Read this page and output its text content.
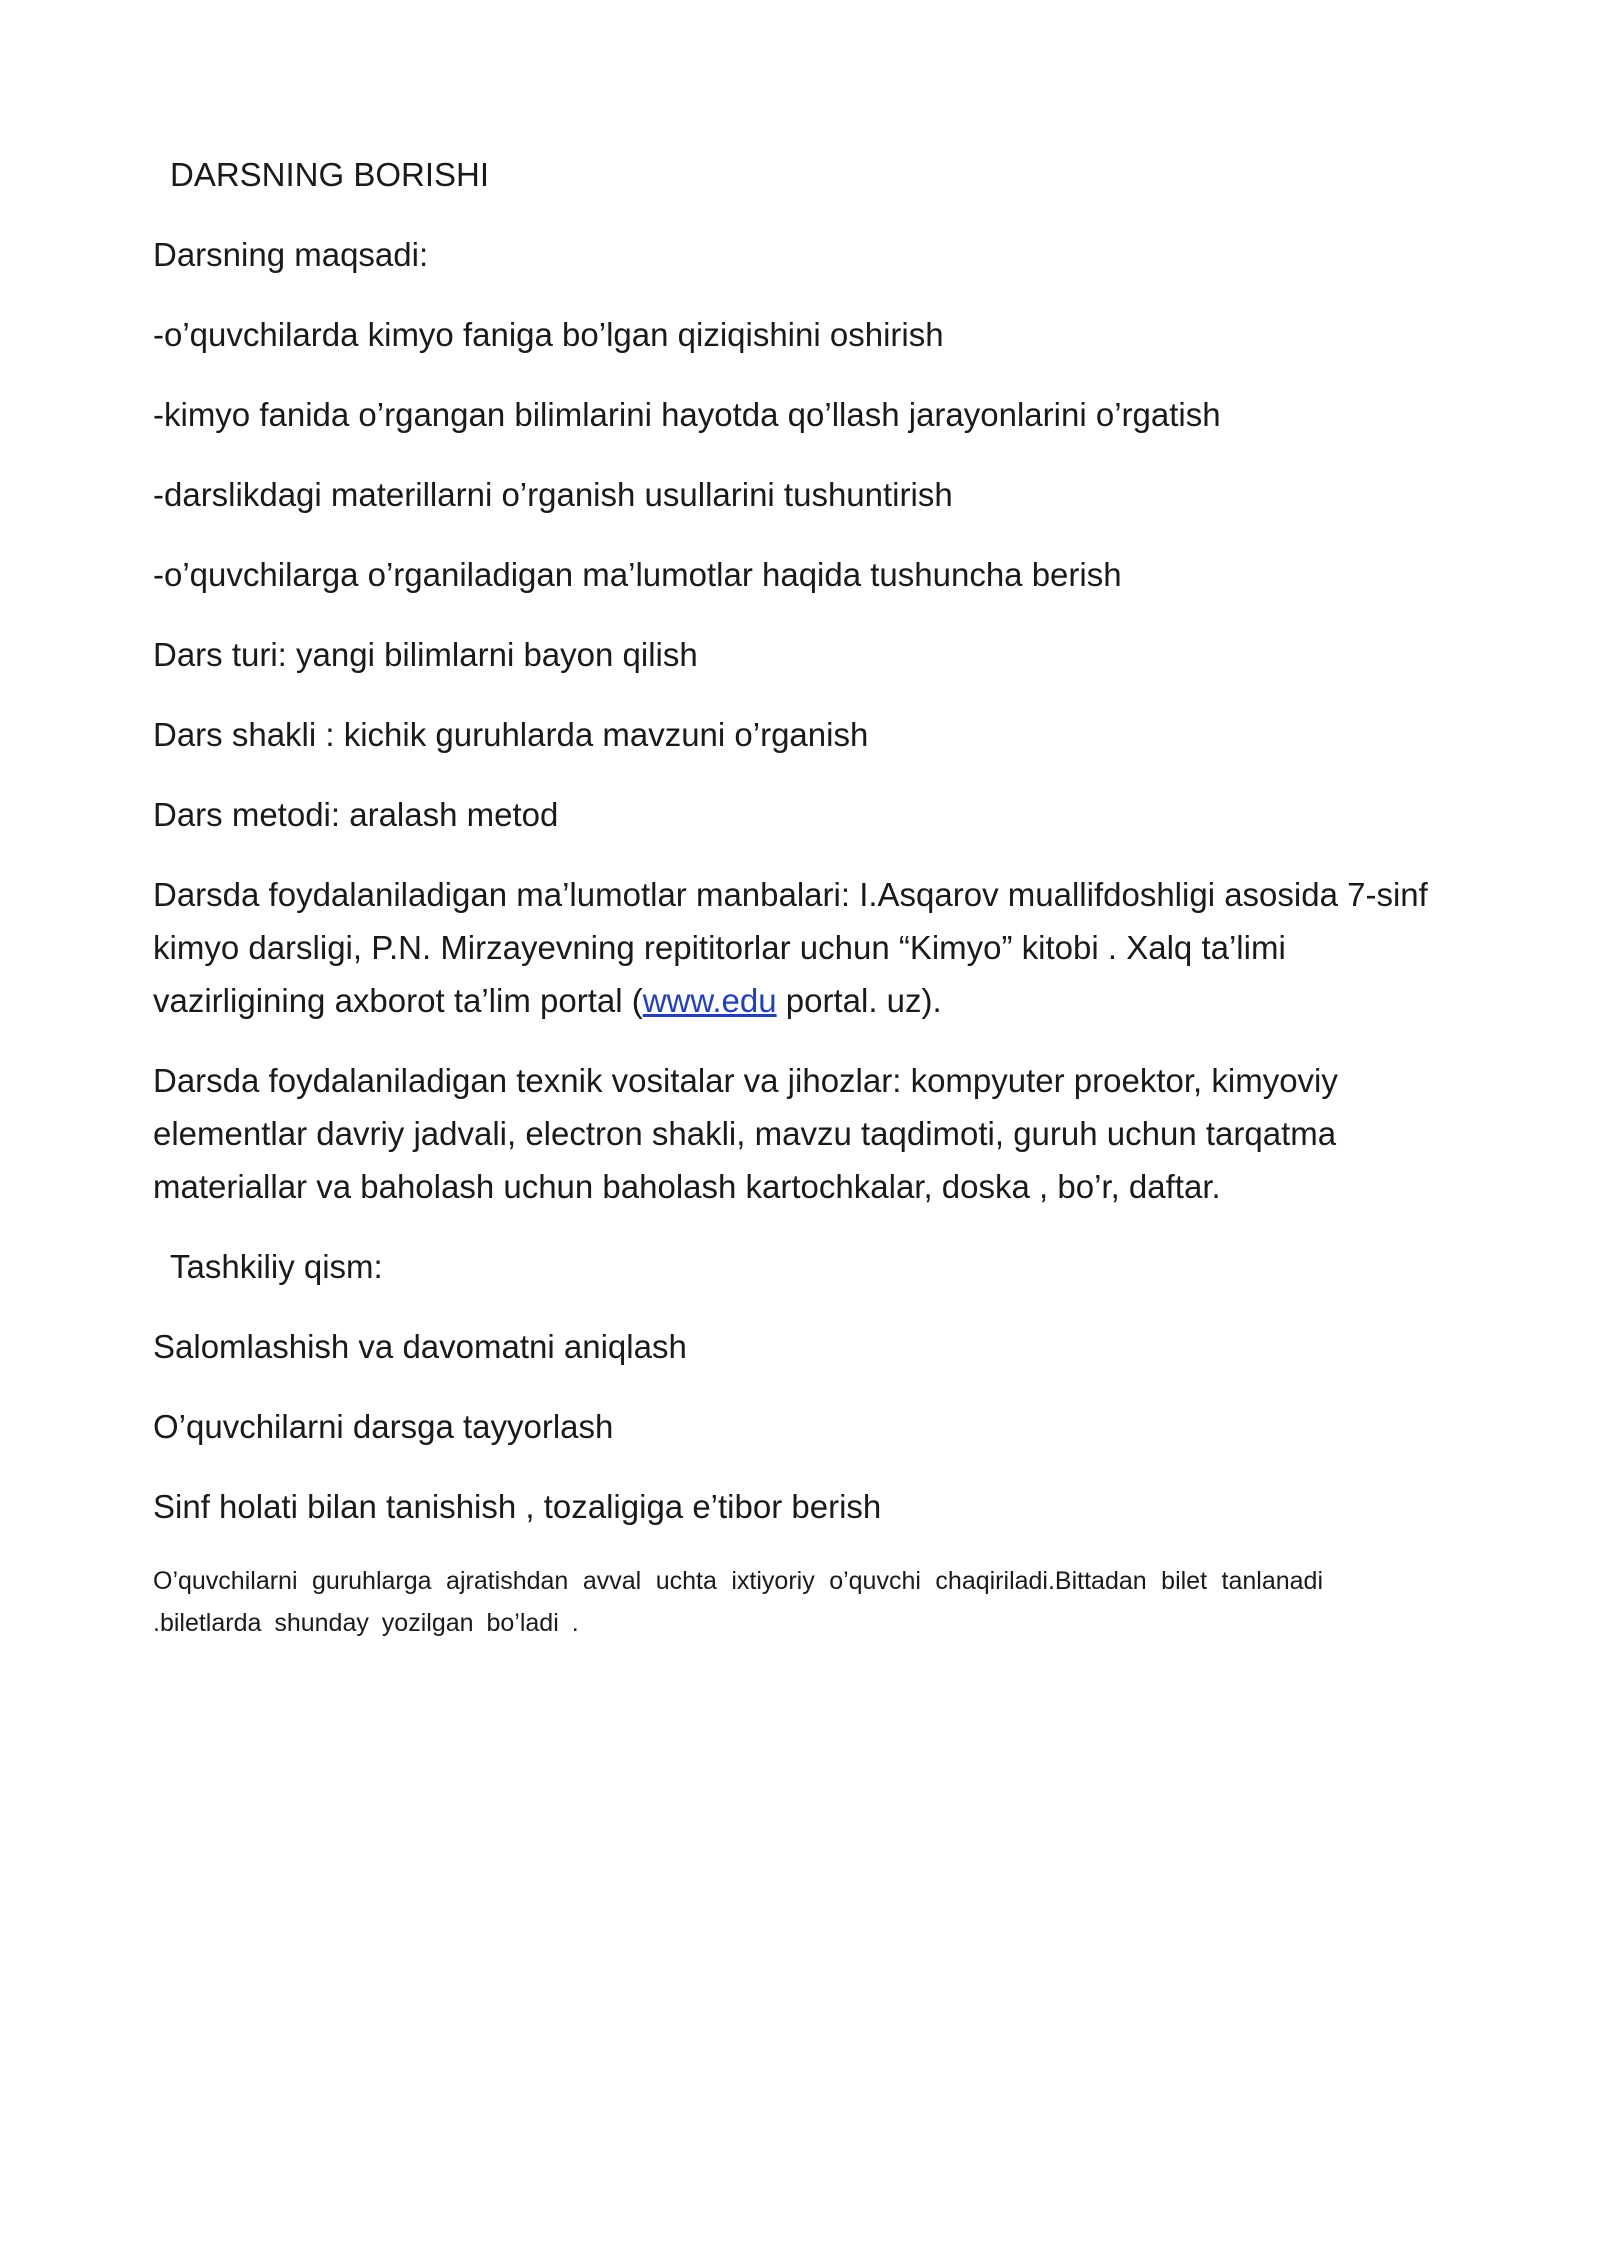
DARSNING BORISHI
Darsning maqsadi:
-o’quvchilarda kimyo faniga bo’lgan qiziqishini oshirish
-kimyo fanida o’rgangan bilimlarini hayotda qo’llash jarayonlarini o’rgatish
-darslikdagi materillarni o’rganish usullarini tushuntirish
-o’quvchilarga o’rganiladigan ma’lumotlar haqida tushuncha berish
Dars turi: yangi bilimlarni bayon qilish
Dars shakli : kichik guruhlarda mavzuni o’rganish
Dars metodi: aralash metod
Darsda foydalaniladigan ma’lumotlar manbalari: I.Asqarov muallifdoshligi asosida 7-sinf kimyo darsligi, P.N. Mirzayevning repititorlar uchun “Kimyo” kitobi . Xalq ta’limi vazirligining axborot ta’lim portal (www.edu portal. uz).
Darsda foydalaniladigan texnik vositalar va jihozlar: kompyuter proektor, kimyoviy elementlar davriy jadvali, electron shakli, mavzu taqdimoti, guruh uchun tarqatma materiallar va baholash uchun baholash kartochkalar, doska , bo’r, daftar.
Tashkiliy qism:
Salomlashish va davomatni aniqlash
O’quvchilarni darsga tayyorlash
Sinf holati bilan tanishish , tozaligiga e’tibor berish
O’quvchilarni guruhlarga ajratishdan avval uchta ixtiyoriy o’quvchi chaqiriladi.Bittadan bilet tanlanadi .biletlarda shunday yozilgan bo’ladi .
